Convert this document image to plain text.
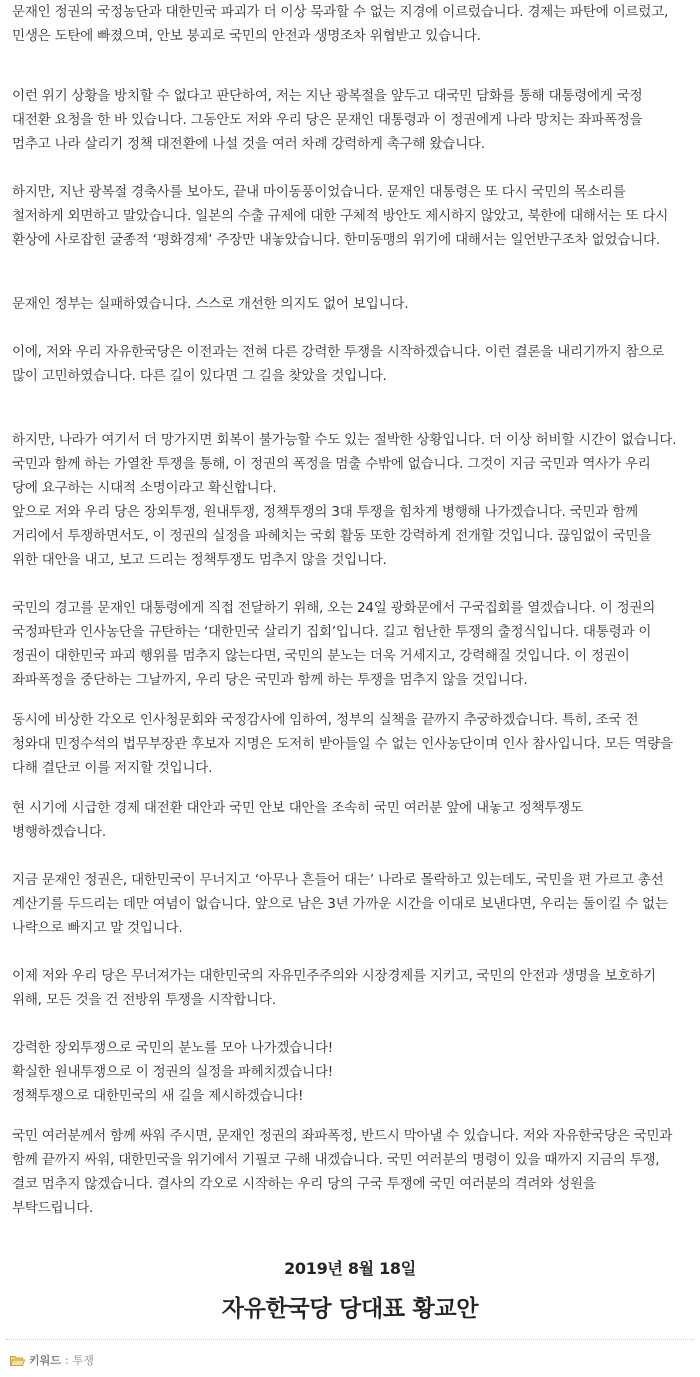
문재인 정권의 국정농단과 대한민국 파괴가 더 이상 묵과할 수 없는 지경에 이르렀습니다. 경제는 파탄에 이르렀고, 민생은 도탄에 빠졌으며, 안보 붕괴로 국민의 안전과 생명조차 위협받고 있습니다.
이런 위기 상황을 방치할 수 없다고 판단하여, 저는 지난 광복절을 앞두고 대국민 담화를 통해 대통령에게 국정 대전환 요청을 한 바 있습니다. 그동안도 저와 우리 당은 문재인 대통령과 이 정권에게 나라 망치는 좌파폭정을 멈추고 나라 살리기 정책 대전환에 나설 것을 여러 차례 강력하게 촉구해 왔습니다.
하지만, 지난 광복절 경축사를 보아도, 끝내 마이동풍이었습니다. 문재인 대통령은 또 다시 국민의 목소리를 철저하게 외면하고 말았습니다. 일본의 수출 규제에 대한 구체적 방안도 제시하지 않았고, 북한에 대해서는 또 다시 환상에 사로잡힌 굴종적 ‘평화경제’ 주장만 내놓았습니다. 한미동맹의 위기에 대해서는 일언반구조차 없었습니다.
문재인 정부는 실패하였습니다. 스스로 개선한 의지도 없어 보입니다.
이에, 저와 우리 자유한국당은 이전과는 전혀 다른 강력한 투쟁을 시작하겠습니다. 이런 결론을 내리기까지 참으로 많이 고민하였습니다. 다른 길이 있다면 그 길을 찾았을 것입니다.
하지만, 나라가 여기서 더 망가지면 회복이 불가능할 수도 있는 절박한 상황입니다. 더 이상 허비할 시간이 없습니다. 국민과 함께 하는 가열찬 투쟁을 통해, 이 정권의 폭정을 멈출 수밖에 없습니다. 그것이 지금 국민과 역사가 우리 당에 요구하는 시대적 소명이라고 확신합니다.
앞으로 저와 우리 당은 장외투쟁, 원내투쟁, 정책투쟁의 3대 투쟁을 힘차게 병행해 나가겠습니다. 국민과 함께 거리에서 투쟁하면서도, 이 정권의 실정을 파헤치는 국회 활동 또한 강력하게 전개할 것입니다. 끊임없이 국민을 위한 대안을 내고, 보고 드리는 정책투쟁도 멈추지 않을 것입니다.
국민의 경고를 문재인 대통령에게 직접 전달하기 위해, 오는 24일 광화문에서 구국집회를 열겠습니다. 이 정권의 국정파탄과 인사농단을 규탄하는 ‘대한민국 살리기 집회’입니다. 길고 험난한 투쟁의 출정식입니다. 대통령과 이 정권이 대한민국 파괴 행위를 멈추지 않는다면, 국민의 분노는 더욱 거세지고, 강력해질 것입니다. 이 정권이 좌파폭정을 중단하는 그날까지, 우리 당은 국민과 함께 하는 투쟁을 멈추지 않을 것입니다.
동시에 비상한 각오로 인사청문회와 국정감사에 임하여, 정부의 실책을 끝까지 추궁하겠습니다. 특히, 조국 전 청와대 민정수석의 법무부장관 후보자 지명은 도저히 받아들일 수 없는 인사농단이며 인사 참사입니다. 모든 역량을 다해 결단코 이를 저지할 것입니다.
현 시기에 시급한 경제 대전환 대안과 국민 안보 대안을 조속히 국민 여러분 앞에 내놓고 정책투쟁도 병행하겠습니다.
지금 문재인 정권은, 대한민국이 무너지고 ‘아무나 흔들어 대는’ 나라로 몰락하고 있는데도, 국민을 편 가르고 총선 계산기를 두드리는 데만 여념이 없습니다. 앞으로 남은 3년 가까운 시간을 이대로 보낸다면, 우리는 돌이킬 수 없는 나락으로 빠지고 말 것입니다.
이제 저와 우리 당은 무너져가는 대한민국의 자유민주주의와 시장경제를 지키고, 국민의 안전과 생명을 보호하기 위해, 모든 것을 건 전방위 투쟁을 시작합니다.
강력한 장외투쟁으로 국민의 분노를 모아 나가겠습니다!
확실한 원내투쟁으로 이 정권의 실정을 파헤치겠습니다!
정책투쟁으로 대한민국의 새 길을 제시하겠습니다!
국민 여러분께서 함께 싸워 주시면, 문재인 정권의 좌파폭정, 반드시 막아낼 수 있습니다. 저와 자유한국당은 국민과 함께 끝까지 싸워, 대한민국을 위기에서 기필코 구해 내겠습니다. 국민 여러분의 명령이 있을 때까지 지금의 투쟁, 결코 멈추지 않겠습니다. 결사의 각오로 시작하는 우리 당의 구국 투쟁에 국민 여러분의 격려와 성원을 부탁드립니다.
2019년 8월 18일
자유한국당 당대표 황교안
키워드 : 투쟁
